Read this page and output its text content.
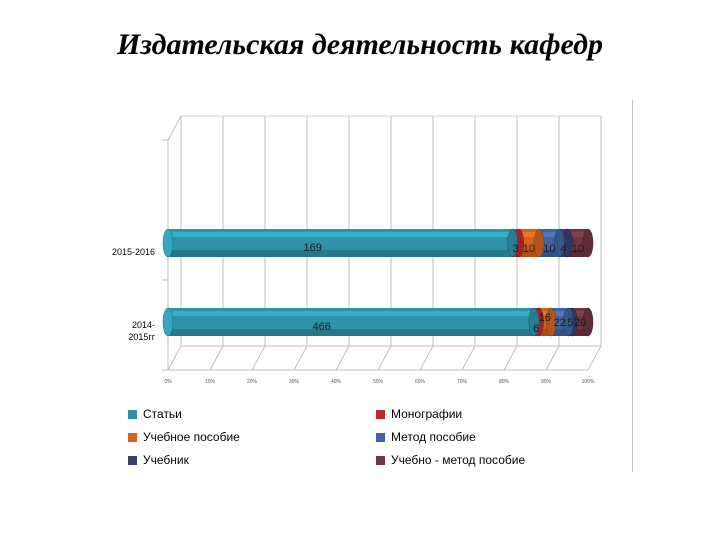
Издательская деятельность кафедр
0%	10%	20%	30%	40%	50%	60%	70%	80%	90%	100%
169	3 10 10 4 10
2015-2016
466	6
16 22 5 20
2014-
2015гг
Статьи	Монографии
Учебное пособие	Метод пособие
Учебник	Учебно - метод пособие
